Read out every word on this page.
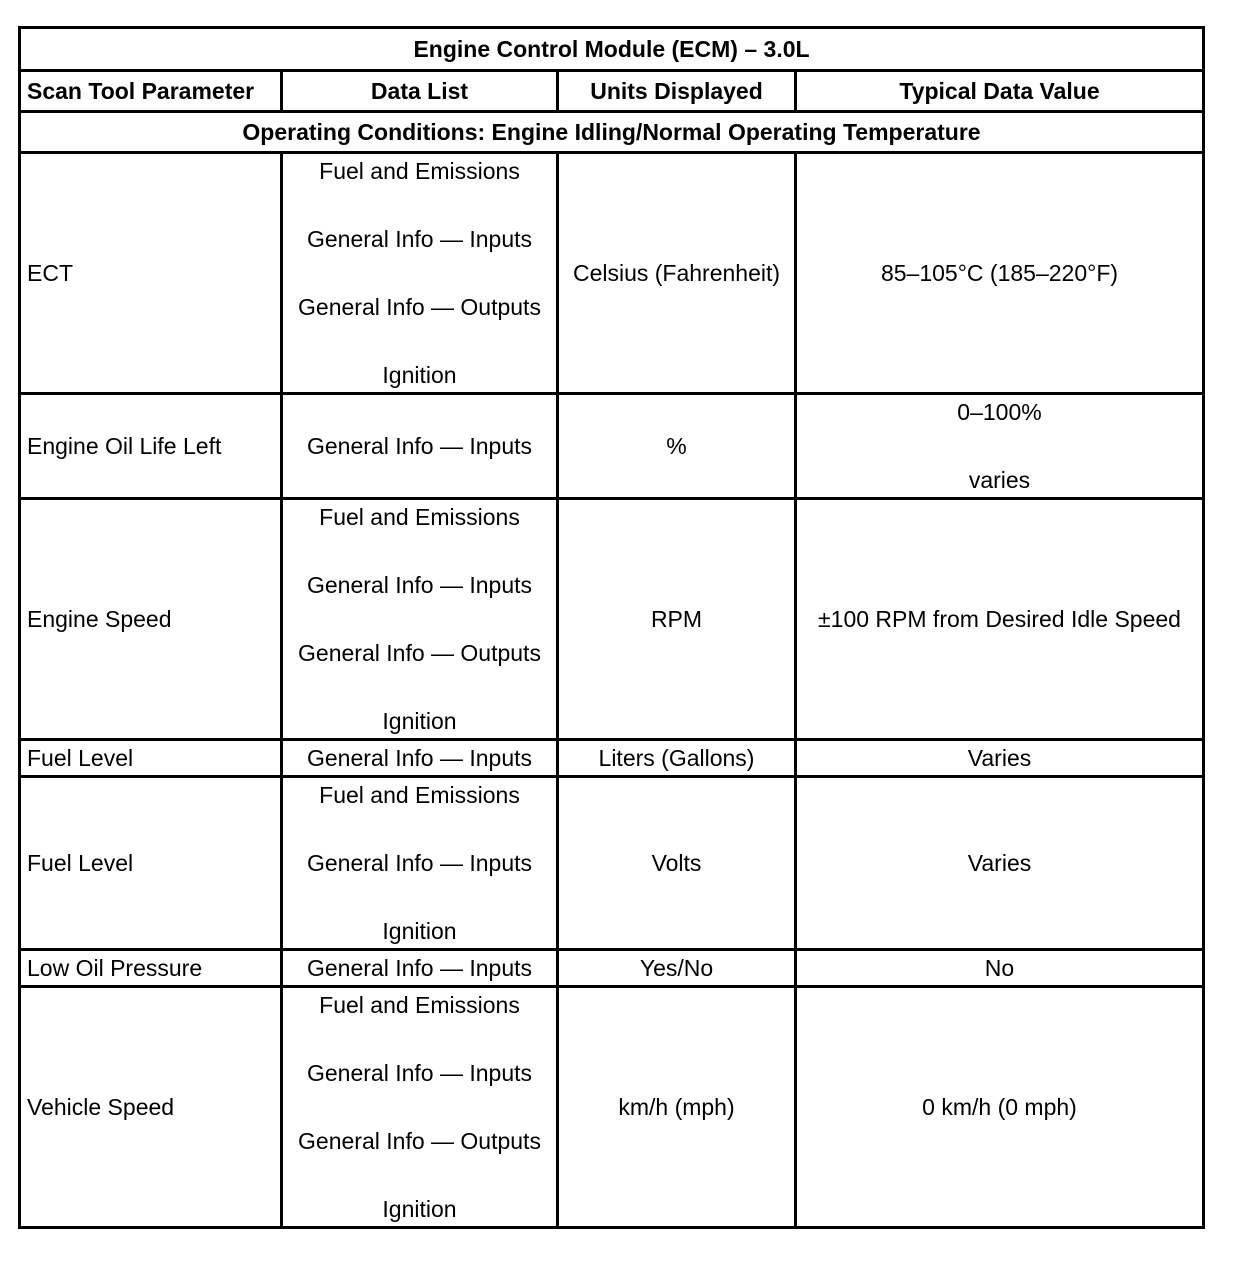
Engine Control Module (ECM) – 3.0L			
Scan Tool Parameter	Data List	Units Displayed	Typical Data Value
Operating Conditions: Engine Idling/Normal Operating Temperature			
ECT	Fuel and Emissions
General Info — Inputs
General Info — Outputs
Ignition	Celsius (Fahrenheit)	85–105°C (185–220°F)

Engine Oil Life Left	General Info — Inputs	%	0–100%
varies

Engine Speed	Fuel and Emissions
General Info — Inputs
General Info — Outputs
Ignition	RPM	±100 RPM from Desired Idle Speed

Fuel Level	General Info — Inputs	Liters (Gallons)	Varies

Fuel Level	Fuel and Emissions
General Info — Inputs
Ignition	Volts	Varies

Low Oil Pressure	General Info — Inputs	Yes/No	No

Vehicle Speed	Fuel and Emissions
General Info — Inputs
General Info — Outputs
Ignition	km/h (mph)	0 km/h (0 mph)
